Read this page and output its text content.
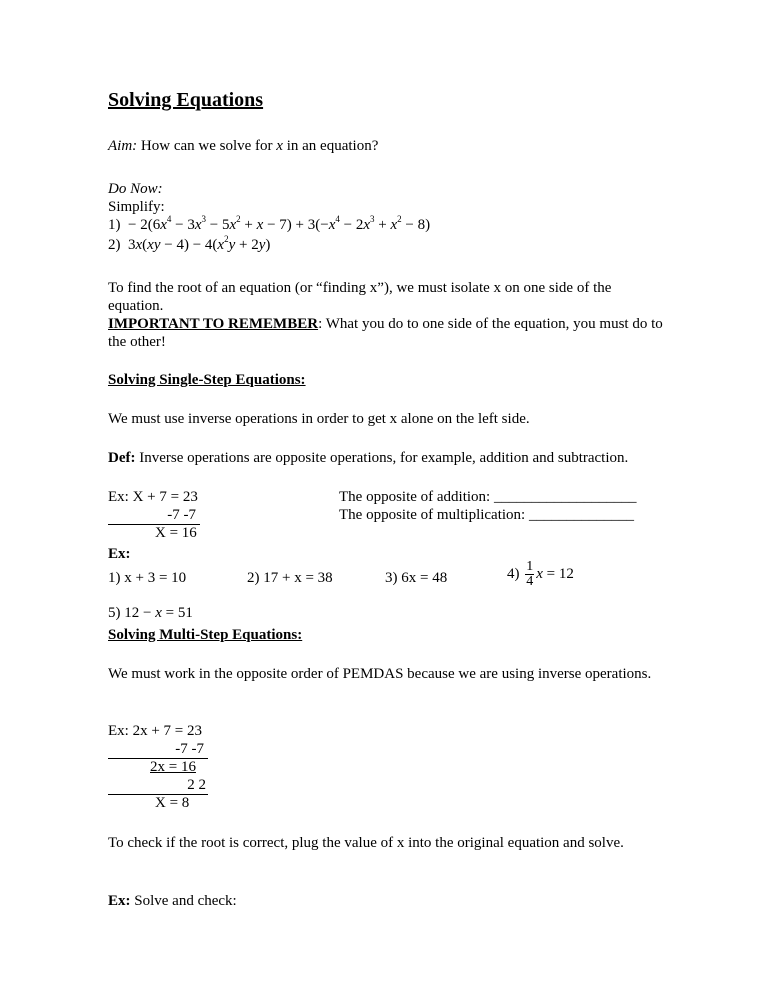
Solving Equations
Aim: How can we solve for x in an equation?
Do Now:
Simplify:
$1) - 2(6x^4 - 3x^3 - 5x^2 + x - 7) + 3(-x^4 - 2x^3 + x^2 - 8)$
2)  $3x(xy - 4) - 4(x^2y + 2y)$
To find the root of an equation (or “finding x”), we must isolate x on one side of the equation.
IMPORTANT TO REMEMBER: What you do to one side of the equation, you must do to the other!
Solving Single-Step Equations:
We must use inverse operations in order to get x alone on the left side.
Def: Inverse operations are opposite operations, for example, addition and subtraction.
Ex: X + 7 = 23
-7 -7
X = 16
The opposite of addition: ___________________
The opposite of multiplication: ______________
Ex:
1) x + 3 = 10	2) 17 + x = 38	3) 6x = 48	$4) \frac{1}{4}$ x = 12
5) 12 − x = 51
Solving Multi-Step Equations:
We must work in the opposite order of PEMDAS because we are using inverse operations.
Ex: 2x + 7 = 23
-7 -7
2x = 16
2 2
X = 8
To check if the root is correct, plug the value of x into the original equation and solve.
Ex: Solve and check:
